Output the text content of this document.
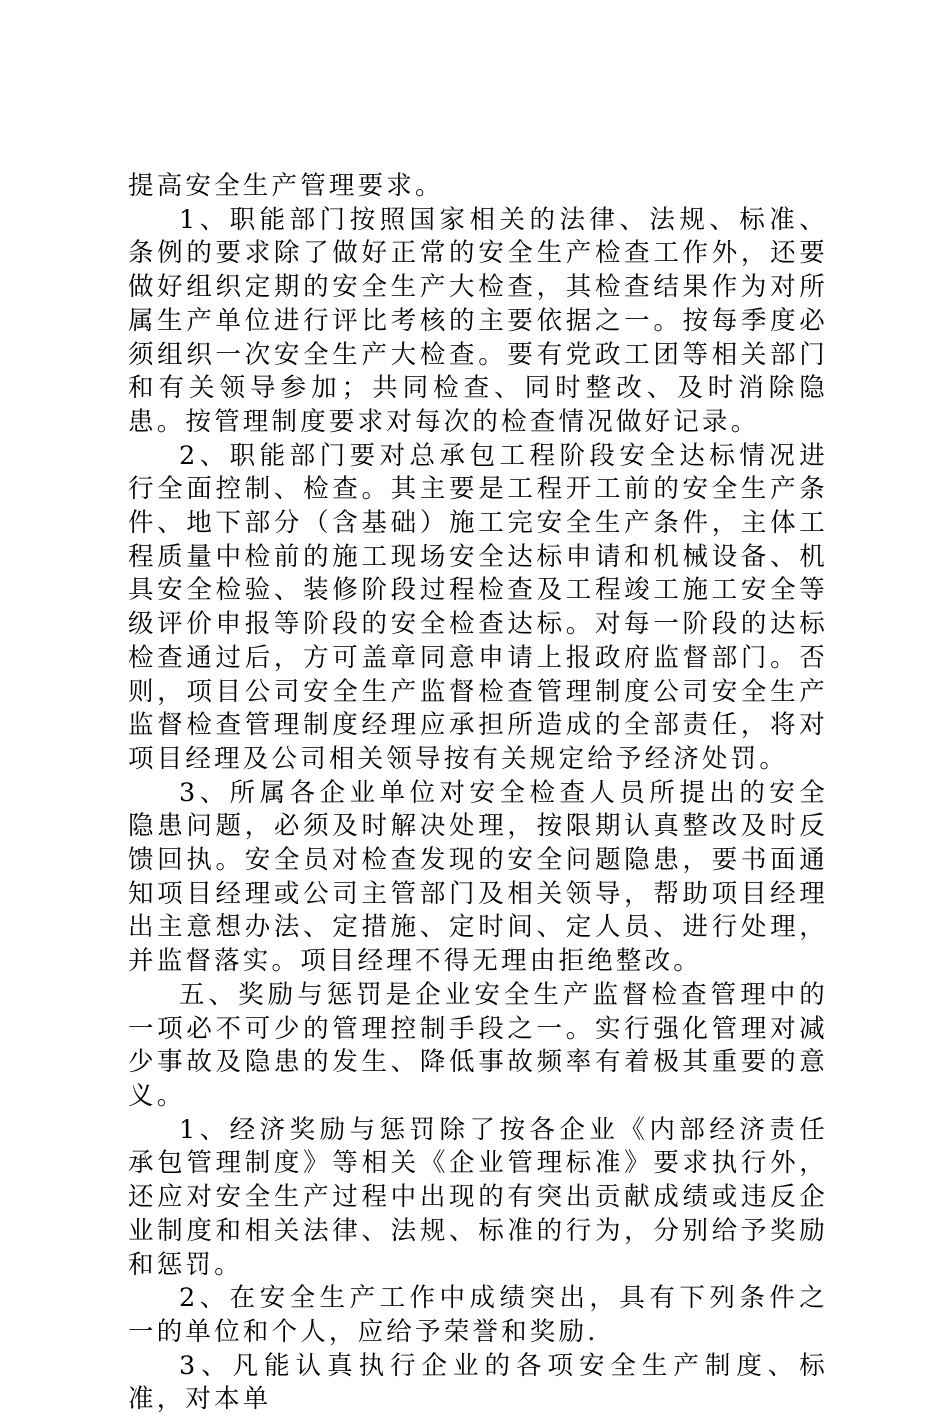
提高安全生产管理要求。

1、职能部门按照国家相关的法律、法规、标准、条例的要求除了做好正常的安全生产检查工作外，还要做好组织定期的安全生产大检查，其检查结果作为对所属生产单位进行评比考核的主要依据之一。按每季度必须组织一次安全生产大检查。要有党政工团等相关部门和有关领导参加；共同检查、同时整改、及时消除隐患。按管理制度要求对每次的检查情况做好记录。

2、职能部门要对总承包工程阶段安全达标情况进行全面控制、检查。其主要是工程开工前的安全生产条件、地下部分（含基础）施工完安全生产条件，主体工程质量中检前的施工现场安全达标申请和机械设备、机具安全检验、装修阶段过程检查及工程竣工施工安全等级评价申报等阶段的安全检查达标。对每一阶段的达标检查通过后，方可盖章同意申请上报政府监督部门。否则，项目公司安全生产监督检查管理制度公司安全生产监督检查管理制度经理应承担所造成的全部责任，将对项目经理及公司相关领导按有关规定给予经济处罚。

3、所属各企业单位对安全检查人员所提出的安全隐患问题，必须及时解决处理，按限期认真整改及时反馈回执。安全员对检查发现的安全问题隐患，要书面通知项目经理或公司主管部门及相关领导，帮助项目经理出主意想办法、定措施、定时间、定人员、进行处理，并监督落实。项目经理不得无理由拒绝整改。

五、奖励与惩罚是企业安全生产监督检查管理中的一项必不可少的管理控制手段之一。实行强化管理对减少事故及隐患的发生、降低事故频率有着极其重要的意义。

1、经济奖励与惩罚除了按各企业《内部经济责任承包管理制度》等相关《企业管理标准》要求执行外，还应对安全生产过程中出现的有突出贡献成绩或违反企业制度和相关法律、法规、标准的行为，分别给予奖励和惩罚。

2、在安全生产工作中成绩突出，具有下列条件之一的单位和个人，应给予荣誉和奖励.

3、凡能认真执行企业的各项安全生产制度、标准，对本单
